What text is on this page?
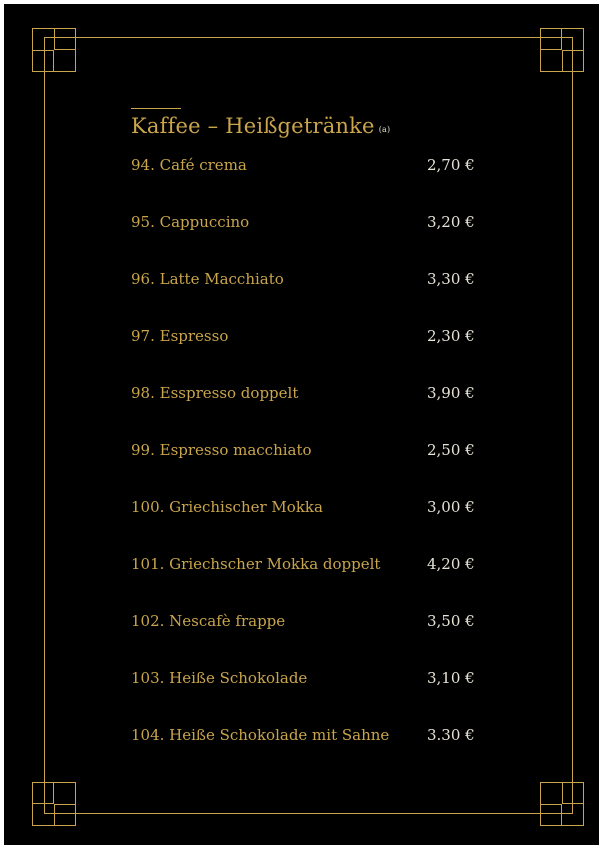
Kaffee – Heißgetränke (a)
94. Café crema	2,70 €
95. Cappuccino	3,20 €
96. Latte Macchiato	3,30 €
97. Espresso	2,30 €
98. Esspresso doppelt	3,90 €
99. Espresso macchiato	2,50 €
100. Griechischer Mokka	3,00 €
101. Griechscher Mokka doppelt	4,20 €
102. Nescafè frappe	3,50 €
103. Heiße Schokolade	3,10 €
104. Heiße Schokolade mit Sahne	3.30 €
